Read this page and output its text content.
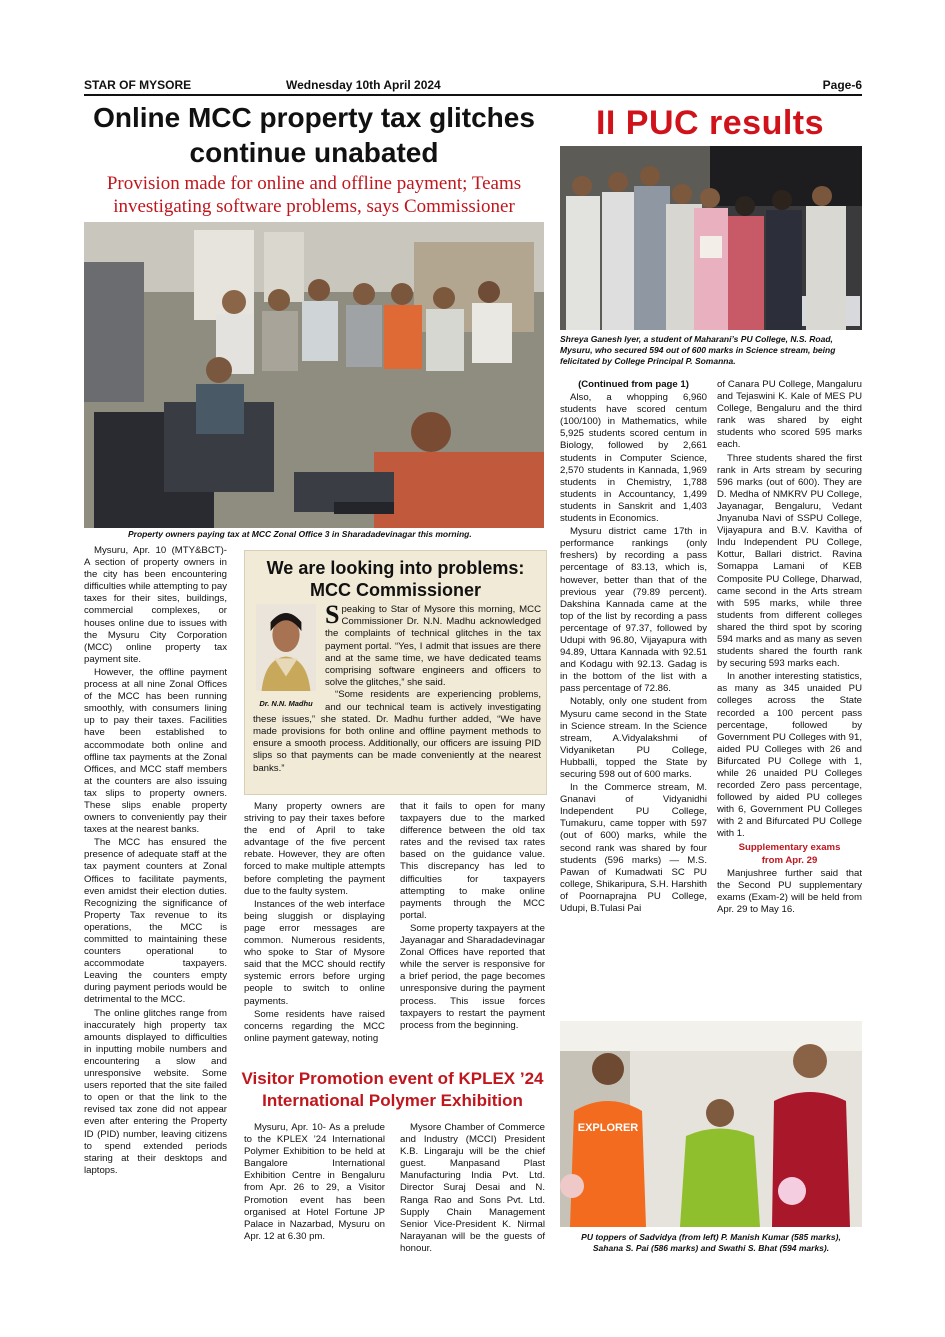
STAR OF MYSORE	Wednesday 10th April 2024	Page-6
Online MCC property tax glitches continue unabated
Provision made for online and offline payment; Teams investigating software problems, says Commissioner
Property owners paying tax at MCC Zonal Office 3 in Sharadadevinagar this morning.

Mysuru, Apr. 10 (MTY&BCT)- A section of property owners in the city has been encountering difficulties while attempting to pay taxes for their sites, buildings, commercial complexes, or houses online due to issues with the Mysuru City Corporation (MCC) online property tax payment site.

However, the offline payment process at all nine Zonal Offices of the MCC has been running smoothly, with consumers lining up to pay their taxes. Facilities have been established to accommodate both online and offline tax payments at the Zonal Offices, and MCC staff members at the counters are also issuing tax slips to property owners. These slips enable property owners to conveniently pay their taxes at the nearest banks.

The MCC has ensured the presence of adequate staff at the tax payment counters at Zonal Offices to facilitate payments, even amidst their election duties. Recognizing the significance of Property Tax revenue to its operations, the MCC is committed to maintaining these counters operational to accommodate taxpayers. Leaving the counters empty during payment periods would be detrimental to the MCC.

The online glitches range from inaccurately high property tax amounts displayed to difficulties in inputting mobile numbers and encountering a slow and unresponsive website. Some users reported that the site failed to open or that the link to the revised tax zone did not appear even after entering the Property ID (PID) number, leaving citizens to spend extended periods staring at their desktops and laptops.

We are looking into problems:
MCC Commissioner
Dr. N.N. Madhu

Speaking to Star of Mysore this morning, MCC Commissioner Dr. N.N. Madhu acknowledged the complaints of technical glitches in the tax payment portal. “Yes, I admit that issues are there and at the same time, we have dedicated teams comprising software engineers and officers to solve the glitches,” she said.

“Some residents are experiencing problems, and our technical team is actively investigating these issues,” she stated. Dr. Madhu further added, “We have made provisions for both online and offline payment methods to ensure a smooth process. Additionally, our officers are issuing PID slips so that payments can be made conveniently at the nearest banks.”

Many property owners are striving to pay their taxes before the end of April to take advantage of the five percent rebate. However, they are often forced to make multiple attempts before completing the payment due to the faulty system.

Instances of the web interface being sluggish or displaying page error messages are common. Numerous residents, who spoke to Star of Mysore said that the MCC should rectify systemic errors before urging people to switch to online payments.

Some residents have raised concerns regarding the MCC online payment gateway, noting

that it fails to open for many taxpayers due to the marked difference between the old tax rates and the revised tax rates based on the guidance value. This discrepancy has led to difficulties for taxpayers attempting to make online payments through the MCC portal.

Some property taxpayers at the Jayanagar and Sharadadevinagar Zonal Offices have reported that while the server is responsive for a brief period, the page becomes unresponsive during the payment process. This issue forces taxpayers to restart the payment process from the beginning.

Visitor Promotion event of KPLEX ’24
International Polymer Exhibition

Mysuru, Apr. 10- As a prelude to the KPLEX ’24 International Polymer Exhibition to be held at Bangalore International Exhibition Centre in Bengaluru from Apr. 26 to 29, a Visitor Promotion event has been organised at Hotel Fortune JP Palace in Nazarbad, Mysuru on Apr. 12 at 6.30 pm.

Mysore Chamber of Commerce and Industry (MCCI) President K.B. Lingaraju will be the chief guest. Manpasand Plast Manufacturing India Pvt. Ltd. Director Suraj Desai and N. Ranga Rao and Sons Pvt. Ltd. Supply Chain Management Senior Vice-President K. Nirmal Narayanan will be the guests of honour.

II PUC results
Shreya Ganesh Iyer, a student of Maharani’s PU College, N.S. Road, Mysuru, who secured 594 out of 600 marks in Science stream, being felicitated by College Principal P. Somanna.

(Continued from page 1)

Also, a whopping 6,960 students have scored centum (100/100) in Mathematics, while 5,925 students scored centum in Biology, followed by 2,661 students in Computer Science, 2,570 students in Kannada, 1,969 students in Chemistry, 1,788 students in Accountancy, 1,499 students in Sanskrit and 1,403 students in Economics.

Mysuru district came 17th in performance rankings (only freshers) by recording a pass percentage of 83.13, which is, however, better than that of the previous year (79.89 percent). Dakshina Kannada came at the top of the list by recording a pass percentage of 97.37, followed by Udupi with 96.80, Vijayapura with 94.89, Uttara Kannada with 92.51 and Kodagu with 92.13. Gadag is in the bottom of the list with a pass percentage of 72.86.

Notably, only one student from Mysuru came second in the State in Science stream. In the Science stream, A.Vidyalakshmi of Vidyaniketan PU College, Hubballi, topped the State by securing 598 out of 600 marks.

In the Commerce stream, M. Gnanavi of Vidyanidhi Independent PU College, Tumakuru, came topper with 597 (out of 600) marks, while the second rank was shared by four students (596 marks) — M.S. Pawan of Kumadwati SC PU college, Shikaripura, S.H. Harshith of Poornaprajna PU College, Udupi, B.Tulasi Pai

of Canara PU College, Mangaluru and Tejaswini K. Kale of MES PU College, Bengaluru and the third rank was shared by eight students who scored 595 marks each.

Three students shared the first rank in Arts stream by securing 596 marks (out of 600). They are D. Medha of NMKRV PU College, Jayanagar, Bengaluru, Vedant Jnyanuba Navi of SSPU College, Vijayapura and B.V. Kavitha of Indu Independent PU College, Kottur, Ballari district. Ravina Somappa Lamani of KEB Composite PU College, Dharwad, came second in the Arts stream with 595 marks, while three students from different colleges shared the third spot by scoring 594 marks and as many as seven students shared the fourth rank by securing 593 marks each.

In another interesting statistics, as many as 345 unaided PU colleges across the State recorded a 100 percent pass percentage, followed by Government PU Colleges with 91, aided PU Colleges with 26 and Bifurcated PU College with 1, while 26 unaided PU Colleges recorded Zero pass percentage, followed by aided PU colleges with 6, Government PU Colleges with 2 and Bifurcated PU College with 1.

Supplementary exams

from Apr. 29

Manjushree further said that the Second PU supplementary exams (Exam-2) will be held from Apr. 29 to May 16.

EXPLORER
PU toppers of Sadvidya (from left) P. Manish Kumar (585 marks),
Sahana S. Pai (586 marks) and Swathi S. Bhat (594 marks).
